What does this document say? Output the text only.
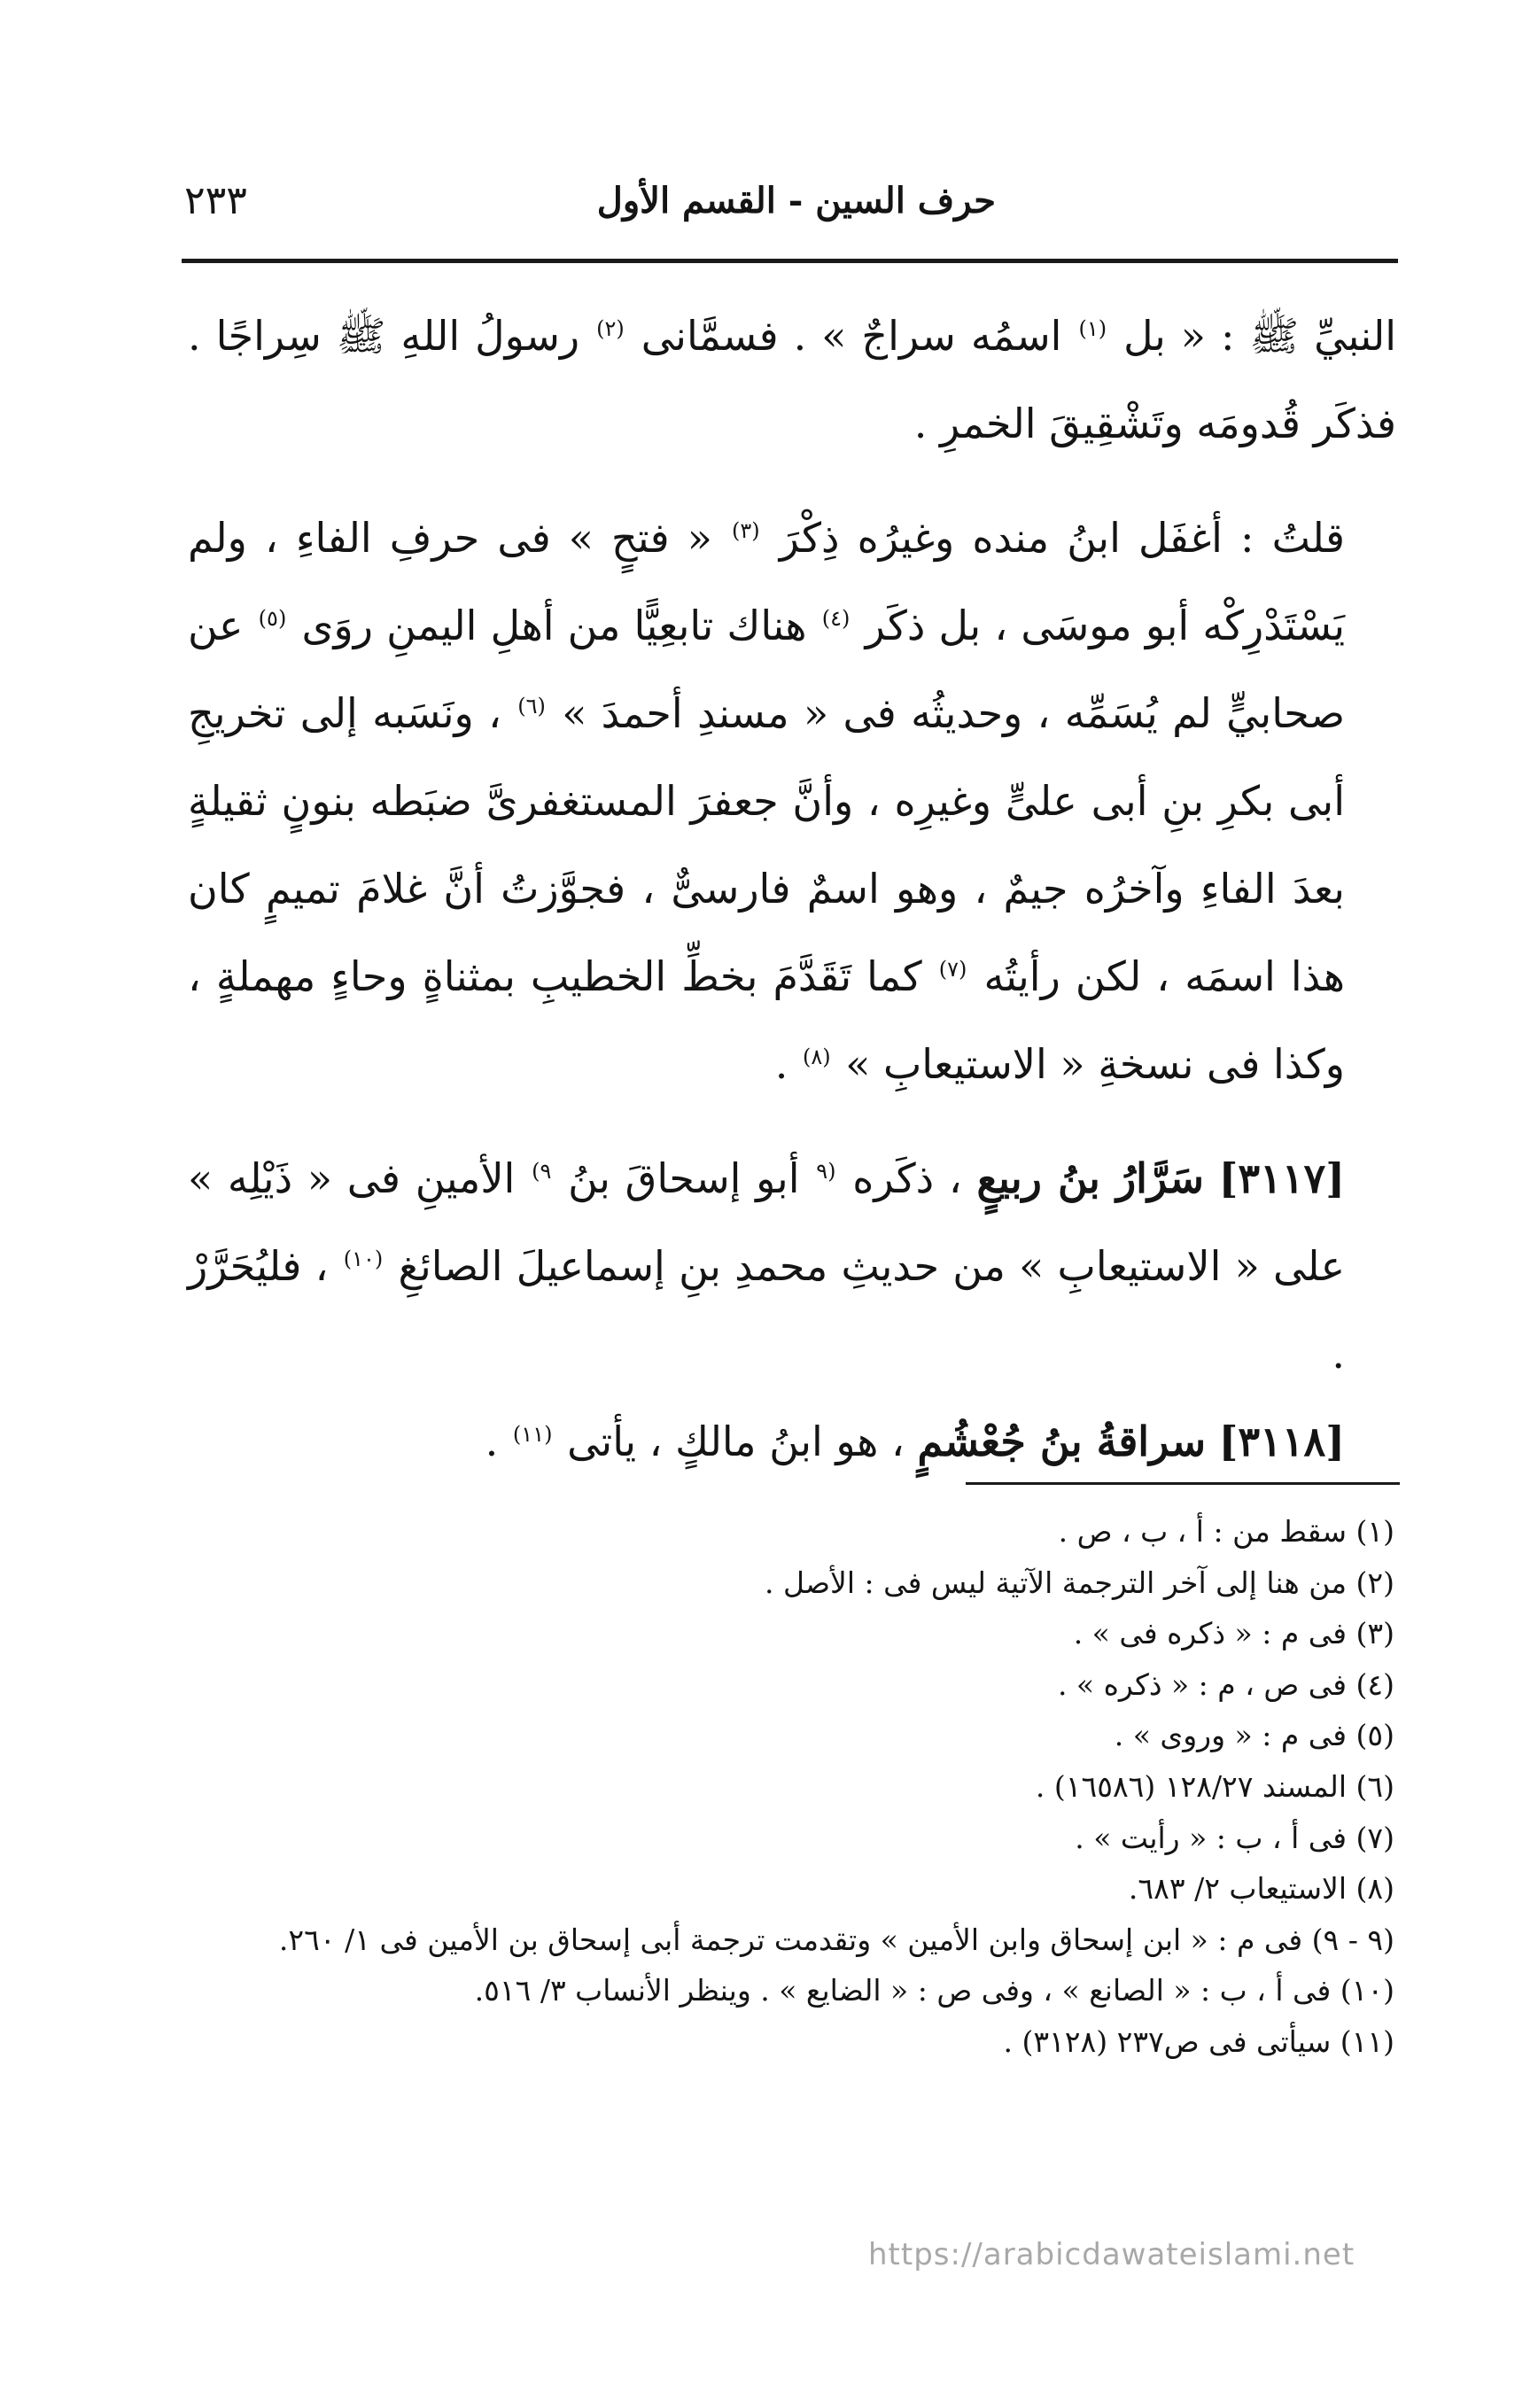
حرف السين - القسم الأول
٢٣٣

النبيِّ ﷺ : « بل $^{(١)}$ اسمُه سراجٌ » . فسمَّانى $^{(٢)}$ رسولُ اللهِ ﷺ سِراجًا . فذكَر قُدومَه وتَشْقِيقَ الخمرِ .

قلتُ : أغفَل ابنُ منده وغيرُه ذِكْرَ $^{(٣)}$ « فتحٍ » فى حرفِ الفاءِ ، ولم يَسْتَدْرِكْه أبو موسَى ، بل ذكَر $^{(٤)}$ هناك تابعِيًّا من أهلِ اليمنِ روَى $^{(٥)}$ عن صحابيٍّ لم يُسَمِّه ، وحديثُه فى « مسندِ أحمدَ » $^{(٦)}$ ، ونَسَبه إلى تخريجِ أبى بكرِ بنِ أبى علىٍّ وغيرِه ، وأنَّ جعفرَ المستغفرىَّ ضبَطه بنونٍ ثقيلةٍ بعدَ الفاءِ وآخرُه جيمٌ ، وهو اسمٌ فارسىٌّ ، فجوَّزتُ أنَّ غلامَ تميمٍ كان هذا اسمَه ، لكن رأيتُه $^{(٧)}$ كما تَقَدَّمَ بخطِّ الخطيبِ بمثناةٍ وحاءٍ مهملةٍ ، وكذا فى نسخةِ « الاستيعابِ » $^{(٨)}$ .

[٣١١٧] سَرَّارُ بنُ ربيعٍ ، ذكَره $^{(٩}$ أبو إسحاقَ بنُ $^{٩)}$ الأمينِ فى « ذَيْلِه » على « الاستيعابِ » من حديثِ محمدِ بنِ إسماعيلَ الصائغِ $^{(١٠)}$ ، فليُحَرَّرْ .

[٣١١٨] سراقةُ بنُ جُعْشُمٍ ، هو ابنُ مالكٍ ، يأتى $^{(١١)}$ .

(١) سقط من : أ ، ب ، ص .

(٢) من هنا إلى آخر الترجمة الآتية ليس فى : الأصل .

(٣) فى م : « ذكره فى » .

(٤) فى ص ، م : « ذكره » .

(٥) فى م : « وروى » .

(٦) المسند ١٢٨/٢٧ (١٦٥٨٦) .

(٧) فى أ ، ب : « رأيت » .

(٨) الاستيعاب ٢/ ٦٨٣.

(٩ - ٩) فى م : « ابن إسحاق وابن الأمين » وتقدمت ترجمة أبى إسحاق بن الأمين فى ١/ ٢٦٠.

(١٠) فى أ ، ب : « الصانع » ، وفى ص : « الضايع » . وينظر الأنساب ٣/ ٥١٦.

(١١) سيأتى فى ص٢٣٧ (٣١٢٨) .

https://arabicdawateislami.net
